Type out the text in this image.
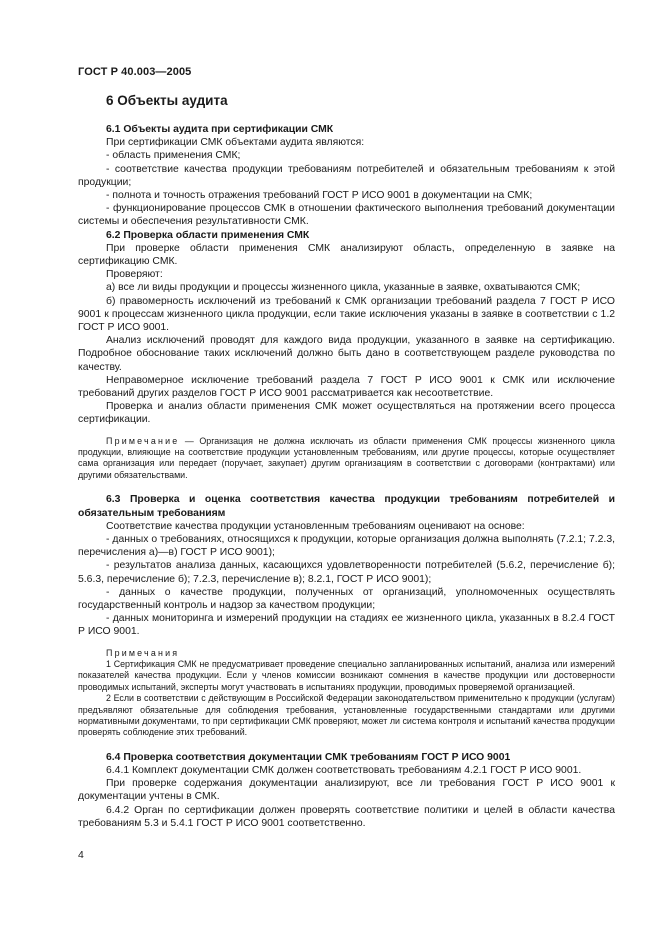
ГОСТ Р 40.003—2005
6 Объекты аудита

6.1 Объекты аудита при сертификации СМК

При сертификации СМК объектами аудита являются:

- область применения СМК;

- соответствие качества продукции требованиям потребителей и обязательным требованиям к этой продукции;

- полнота и точность отражения требований ГОСТ Р ИСО 9001 в документации на СМК;

- функционирование процессов СМК в отношении фактического выполнения требований документации системы и обеспечения результативности СМК.

6.2 Проверка области применения СМК

При проверке области применения СМК анализируют область, определенную в заявке на сертификацию СМК.

Проверяют:

а) все ли виды продукции и процессы жизненного цикла, указанные в заявке, охватываются СМК;

б) правомерность исключений из требований к СМК организации требований раздела 7 ГОСТ Р ИСО 9001 к процессам жизненного цикла продукции, если такие исключения указаны в заявке в соответствии с 1.2 ГОСТ Р ИСО 9001.

Анализ исключений проводят для каждого вида продукции, указанного в заявке на сертификацию. Подробное обоснование таких исключений должно быть дано в соответствующем разделе руководства по качеству.

Неправомерное исключение требований раздела 7 ГОСТ Р ИСО 9001 к СМК или исключение требований других разделов ГОСТ Р ИСО 9001 рассматривается как несоответствие.

Проверка и анализ области применения СМК может осуществляться на протяжении всего процесса сертификации.

Примечание — Организация не должна исключать из области применения СМК процессы жизненного цикла продукции, влияющие на соответствие продукции установленным требованиям, или другие процессы, которые осуществляет сама организация или передает (поручает, закупает) другим организациям в соответствии с договорами (контрактами) или другими обязательствами.

6.3 Проверка и оценка соответствия качества продукции требованиям потребителей и обязательным требованиям

Соответствие качества продукции установленным требованиям оценивают на основе:

- данных о требованиях, относящихся к продукции, которые организация должна выполнять (7.2.1; 7.2.3, перечисления а)—в) ГОСТ Р ИСО 9001);

- результатов анализа данных, касающихся удовлетворенности потребителей (5.6.2, перечисление б); 5.6.3, перечисление б); 7.2.3, перечисление в); 8.2.1, ГОСТ Р ИСО 9001);

- данных о качестве продукции, полученных от организаций, уполномоченных осуществлять государственный контроль и надзор за качеством продукции;

- данных мониторинга и измерений продукции на стадиях ее жизненного цикла, указанных в 8.2.4 ГОСТ Р ИСО 9001.

Примечания

1 Сертификация СМК не предусматривает проведение специально запланированных испытаний, анализа или измерений показателей качества продукции. Если у членов комиссии возникают сомнения в качестве продукции или достоверности проводимых испытаний, эксперты могут участвовать в испытаниях продукции, проводимых проверяемой организацией.

2 Если в соответствии с действующим в Российской Федерации законодательством применительно к продукции (услугам) предъявляют обязательные для соблюдения требования, установленные государственными стандартами или другими нормативными документами, то при сертификации СМК проверяют, может ли система контроля и испытаний качества продукции проверять соблюдение этих требований.

6.4 Проверка соответствия документации СМК требованиям ГОСТ Р ИСО 9001

6.4.1 Комплект документации СМК должен соответствовать требованиям 4.2.1 ГОСТ Р ИСО 9001.

При проверке содержания документации анализируют, все ли требования ГОСТ Р ИСО 9001 к документации учтены в СМК.

6.4.2 Орган по сертификации должен проверять соответствие политики и целей в области качества требованиям 5.3 и 5.4.1 ГОСТ Р ИСО 9001 соответственно.

4
